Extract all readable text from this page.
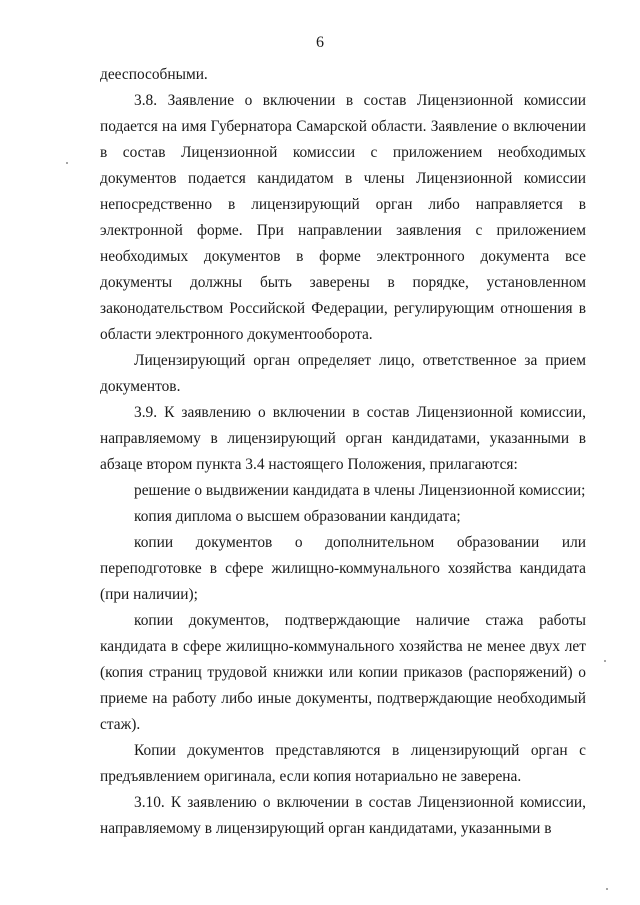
6

дееспособными.

3.8. Заявление о включении в состав Лицензионной комиссии подается на имя Губернатора Самарской области. Заявление о включении в состав Лицензионной комиссии с приложением необходимых документов подается кандидатом в члены Лицензионной комиссии непосредственно в лицензирующий орган либо направляется в электронной форме. При направлении заявления с приложением необходимых документов в форме электронного документа все документы должны быть заверены в порядке, установленном законодательством Российской Федерации, регулирующим отношения в области электронного документооборота.

Лицензирующий орган определяет лицо, ответственное за прием документов.

3.9. К заявлению о включении в состав Лицензионной комиссии, направляемому в лицензирующий орган кандидатами, указанными в абзаце втором пункта 3.4 настоящего Положения, прилагаются:

решение о выдвижении кандидата в члены Лицензионной комиссии;

копия диплома о высшем образовании кандидата;

копии документов о дополнительном образовании или переподготовке в сфере жилищно-коммунального хозяйства кандидата (при наличии);

копии документов, подтверждающие наличие стажа работы кандидата в сфере жилищно-коммунального хозяйства не менее двух лет (копия страниц трудовой книжки или копии приказов (распоряжений) о приеме на работу либо иные документы, подтверждающие необходимый стаж).

Копии документов представляются в лицензирующий орган с предъявлением оригинала, если копия нотариально не заверена.

3.10. К заявлению о включении в состав Лицензионной комиссии, направляемому в лицензирующий орган кандидатами, указанными в
